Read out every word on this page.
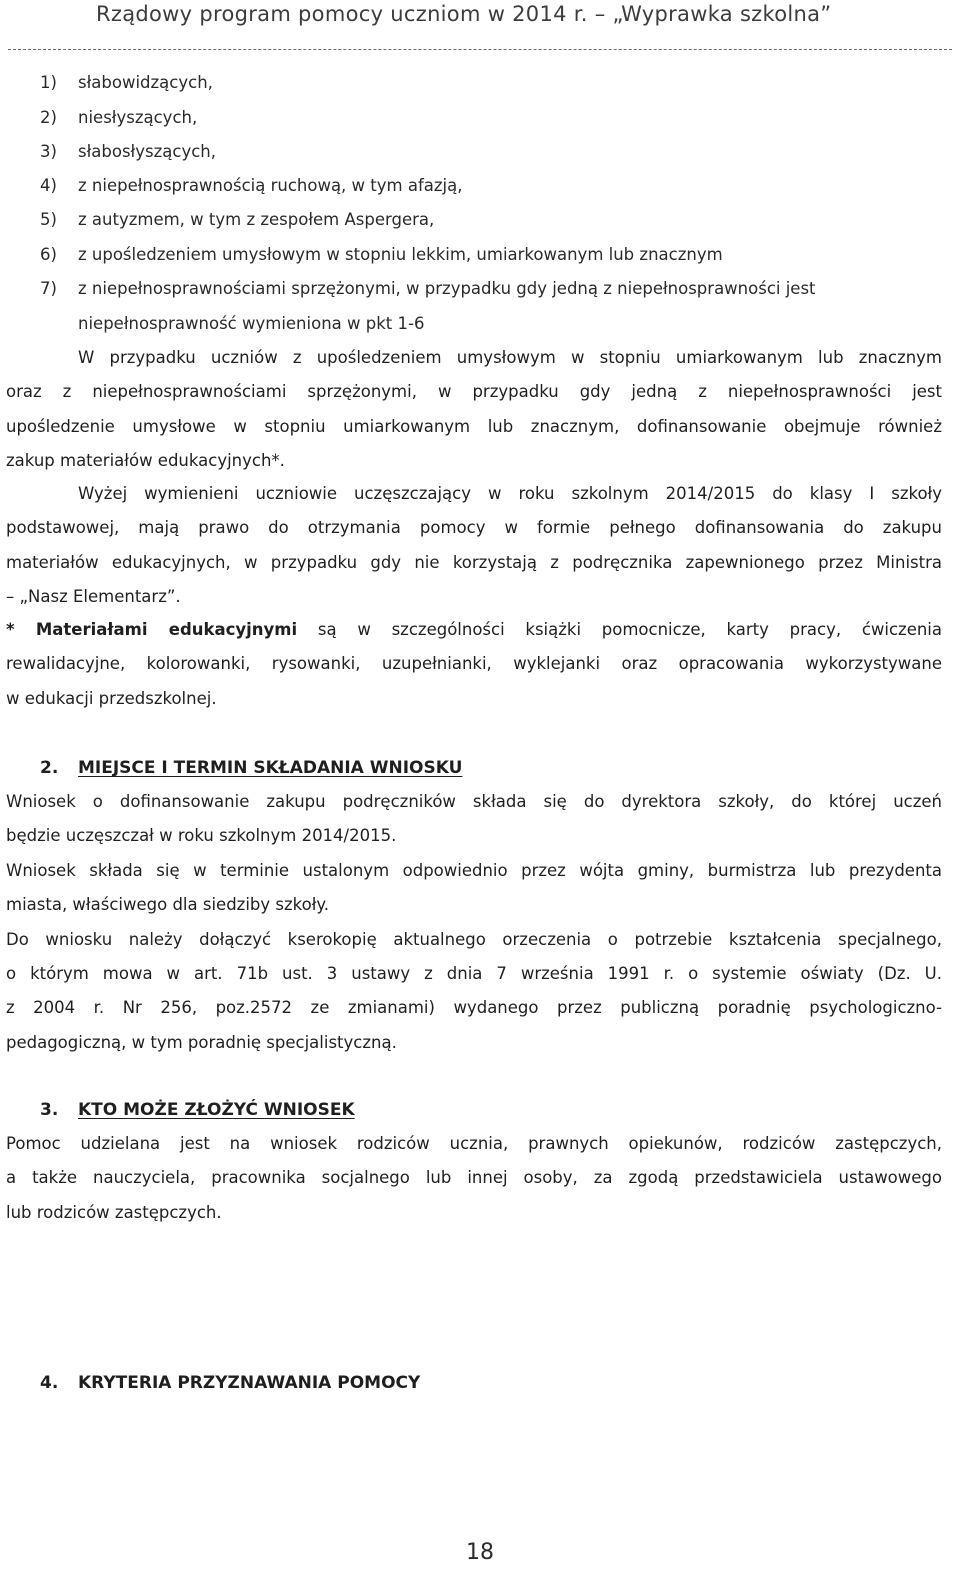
Rządowy program pomocy uczniom w 2014 r. – „Wyprawka szkolna”
1) słabowidzących,
2) niesłyszących,
3) słabosłyszących,
4) z niepełnosprawnością ruchową, w tym afazją,
5) z autyzmem, w tym z zespołem Aspergera,
6) z upośledzeniem umysłowym w stopniu lekkim, umiarkowanym lub znacznym
7) z niepełnosprawnościami sprzężonymi, w przypadku gdy jedną z niepełnosprawności jest
niepełnosprawność wymieniona w pkt 1-6
W przypadku uczniów z upośledzeniem umysłowym w stopniu umiarkowanym lub znacznym
oraz z niepełnosprawnościami sprzężonymi, w przypadku gdy jedną z niepełnosprawności jest
upośledzenie umysłowe w stopniu umiarkowanym lub znacznym, dofinansowanie obejmuje również
zakup materiałów edukacyjnych*.
Wyżej wymienieni uczniowie uczęszczający w roku szkolnym 2014/2015 do klasy I szkoły
podstawowej, mają prawo do otrzymania pomocy w formie pełnego dofinansowania do zakupu
materiałów edukacyjnych, w przypadku gdy nie korzystają z podręcznika zapewnionego przez Ministra
– „Nasz Elementarz”.
* Materiałami edukacyjnymi są w szczególności książki pomocnicze, karty pracy, ćwiczenia
rewalidacyjne, kolorowanki, rysowanki, uzupełnianki, wyklejanki oraz opracowania wykorzystywane
w edukacji przedszkolnej.
2. MIEJSCE I TERMIN SKŁADANIA WNIOSKU
Wniosek o dofinansowanie zakupu podręczników składa się do dyrektora szkoły, do której uczeń
będzie uczęszczał w roku szkolnym 2014/2015.
Wniosek składa się w terminie ustalonym odpowiednio przez wójta gminy, burmistrza lub prezydenta
miasta, właściwego dla siedziby szkoły.
Do wniosku należy dołączyć kserokopię aktualnego orzeczenia o potrzebie kształcenia specjalnego,
o którym mowa w art. 71b ust. 3 ustawy z dnia 7 września 1991 r. o systemie oświaty (Dz. U.
z 2004 r. Nr 256, poz.2572 ze zmianami) wydanego przez publiczną poradnię psychologiczno-
pedagogiczną, w tym poradnię specjalistyczną.
3. KTO MOŻE ZŁOŻYĆ WNIOSEK
Pomoc udzielana jest na wniosek rodziców ucznia, prawnych opiekunów, rodziców zastępczych,
a także nauczyciela, pracownika socjalnego lub innej osoby, za zgodą przedstawiciela ustawowego
lub rodziców zastępczych.
4. KRYTERIA PRZYZNAWANIA POMOCY
18
